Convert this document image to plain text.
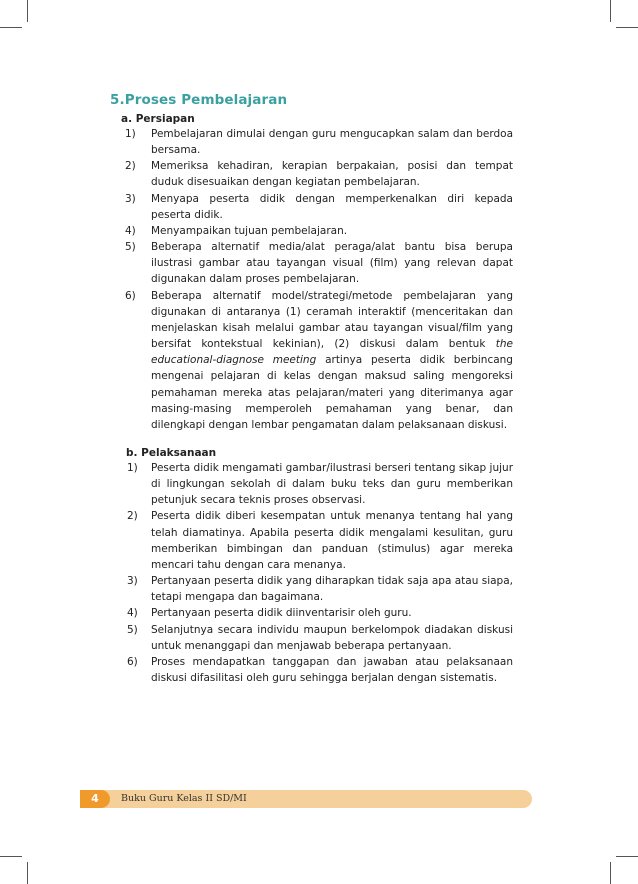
5.Proses Pembelajaran
a. Persiapan
1) Pembelajaran dimulai dengan guru mengucapkan salam dan berdoa bersama.
2) Memeriksa kehadiran, kerapian berpakaian, posisi dan tempat duduk disesuaikan dengan kegiatan pembelajaran.
3) Menyapa peserta didik dengan memperkenalkan diri kepada peserta didik.
4) Menyampaikan tujuan pembelajaran.
5) Beberapa alternatif media/alat peraga/alat bantu bisa berupa ilustrasi gambar atau tayangan visual (film) yang relevan dapat digunakan dalam proses pembelajaran.
6) Beberapa alternatif model/strategi/metode pembelajaran yang digunakan di antaranya (1) ceramah interaktif (menceritakan dan menjelaskan kisah melalui gambar atau tayangan visual/film yang bersifat kontekstual kekinian), (2) diskusi dalam bentuk the educational-diagnose meeting artinya peserta didik berbincang mengenai pelajaran di kelas dengan maksud saling mengoreksi pemahaman mereka atas pelajaran/materi yang diterimanya agar masing-masing memperoleh pemahaman yang benar, dan dilengkapi dengan lembar pengamatan dalam pelaksanaan diskusi.
b. Pelaksanaan
1) Peserta didik mengamati gambar/ilustrasi berseri tentang sikap jujur di lingkungan sekolah di dalam buku teks dan guru memberikan petunjuk secara teknis proses observasi.
2) Peserta didik diberi kesempatan untuk menanya tentang hal yang telah diamatinya. Apabila peserta didik mengalami kesulitan, guru memberikan bimbingan dan panduan (stimulus) agar mereka mencari tahu dengan cara menanya.
3) Pertanyaan peserta didik yang diharapkan tidak saja apa atau siapa, tetapi mengapa dan bagaimana.
4) Pertanyaan peserta didik diinventarisir oleh guru.
5) Selanjutnya secara individu maupun berkelompok diadakan diskusi untuk menanggapi dan menjawab beberapa pertanyaan.
6) Proses mendapatkan tanggapan dan jawaban atau pelaksanaan diskusi difasilitasi oleh guru sehingga berjalan dengan sistematis.
4	Buku Guru Kelas II SD/MI
